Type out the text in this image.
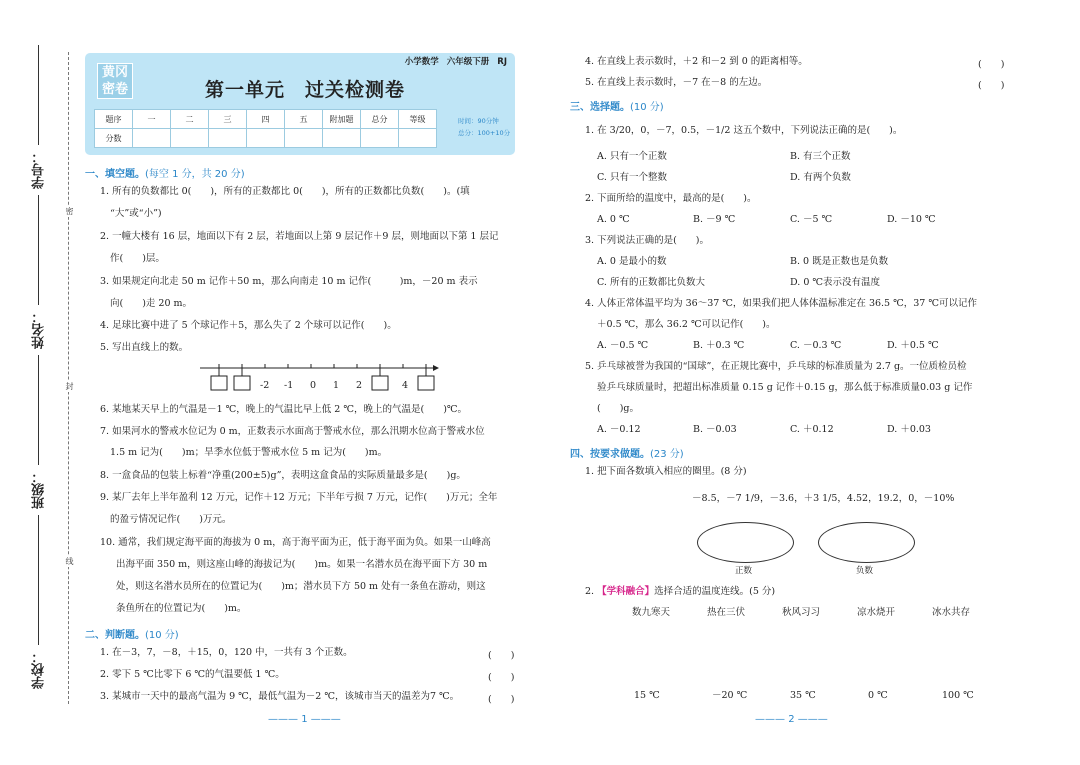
学号：
姓名：
班级：
学校：
密
封
线
小学数学 六年级下册 RJ
黄冈密卷	第一单元　过关检测卷
题序	一	二	三	四	五	附加题	总分	等级
分数								
时间：90分钟
总分：100+10分
一、填空题。(每空 1 分，共 20 分)
1. 所有的负数都比 0(　　)，所有的正数都比 0(　　)，所有的正数都比负数(　　)。(填
“大”或“小”)
2. 一幢大楼有 16 层，地面以下有 2 层，若地面以上第 9 层记作＋9 层，则地面以下第 1 层记
作(　　)层。
3. 如果规定向北走 50 m 记作＋50 m，那么向南走 10 m 记作(　　　)m，－20 m 表示
向(　　)走 20 m。
4. 足球比赛中进了 5 个球记作＋5，那么失了 2 个球可以记作(　　)。
5. 写出直线上的数。
-2 -1 0 1 2	4
6. 某地某天早上的气温是－1 ℃，晚上的气温比早上低 2 ℃，晚上的气温是(　　)℃。
7. 如果河水的警戒水位记为 0 m，正数表示水面高于警戒水位，那么汛期水位高于警戒水位
1.5 m 记为(　　)m；旱季水位低于警戒水位 5 m 记为(　　)m。
8. 一盒食品的包装上标着“净重(200±5)g”，表明这盒食品的实际质量最多是(　　)g。
9. 某厂去年上半年盈利 12 万元，记作＋12 万元；下半年亏损 7 万元，记作(　　)万元；全年
的盈亏情况记作(　　)万元。
10. 通常，我们规定海平面的海拔为 0 m，高于海平面为正，低于海平面为负。如果一山峰高
出海平面 350 m，则这座山峰的海拔记为(　　)m。如果一名潜水员在海平面下方 30 m
处，则这名潜水员所在的位置记为(　　)m；潜水员下方 50 m 处有一条鱼在游动，则这
条鱼所在的位置记为(　　)m。
二、判断题。(10 分)
1. 在－3，7，－8，＋15，0，120 中，一共有 3 个正数。	(　　)
2. 零下 5 ℃比零下 6 ℃的气温要低 1 ℃。	(　　)
3. 某城市一天中的最高气温为 9 ℃，最低气温为－2 ℃，该城市当天的温差为7 ℃。	(　　)
——— 1 ———
4. 在直线上表示数时，＋2 和－2 到 0 的距离相等。	(　　)
5. 在直线上表示数时，－7 在－8 的左边。	(　　)
三、选择题。(10 分)
1. 在 3/20，0，－7，0.5，－1/2 这五个数中，下列说法正确的是(　　)。
A. 只有一个正数	B. 有三个正数
C. 只有一个整数	D. 有两个负数
2. 下面所给的温度中，最高的是(　　)。
A. 0 ℃	B. －9 ℃	C. －5 ℃	D. －10 ℃
3. 下列说法正确的是(　　)。
A. 0 是最小的数	B. 0 既是正数也是负数
C. 所有的正数都比负数大	D. 0 ℃表示没有温度
4. 人体正常体温平均为 36～37 ℃，如果我们把人体体温标准定在 36.5 ℃，37 ℃可以记作
＋0.5 ℃，那么 36.2 ℃可以记作(　　)。
A. －0.5 ℃	B. ＋0.3 ℃	C. －0.3 ℃	D. ＋0.5 ℃
5. 乒乓球被誉为我国的“国球”，在正规比赛中，乒乓球的标准质量为 2.7 g。一位质检员检
验乒乓球质量时，把超出标准质量 0.15 g 记作＋0.15 g，那么低于标准质量0.03 g 记作
(　　)g。
A. －0.12	B. －0.03	C. ＋0.12	D. ＋0.03
四、按要求做题。(23 分)
1. 把下面各数填入相应的圈里。(8 分)
－8.5，－7 1/9，－3.6，＋3 1/5，4.52，19.2，0，－10%
正数	负数
2. 【学科融合】选择合适的温度连线。(5 分)
数九寒天	热在三伏	秋风习习	凉水烧开	冰水共存
15 ℃	－20 ℃	35 ℃	0 ℃	100 ℃
——— 2 ———
